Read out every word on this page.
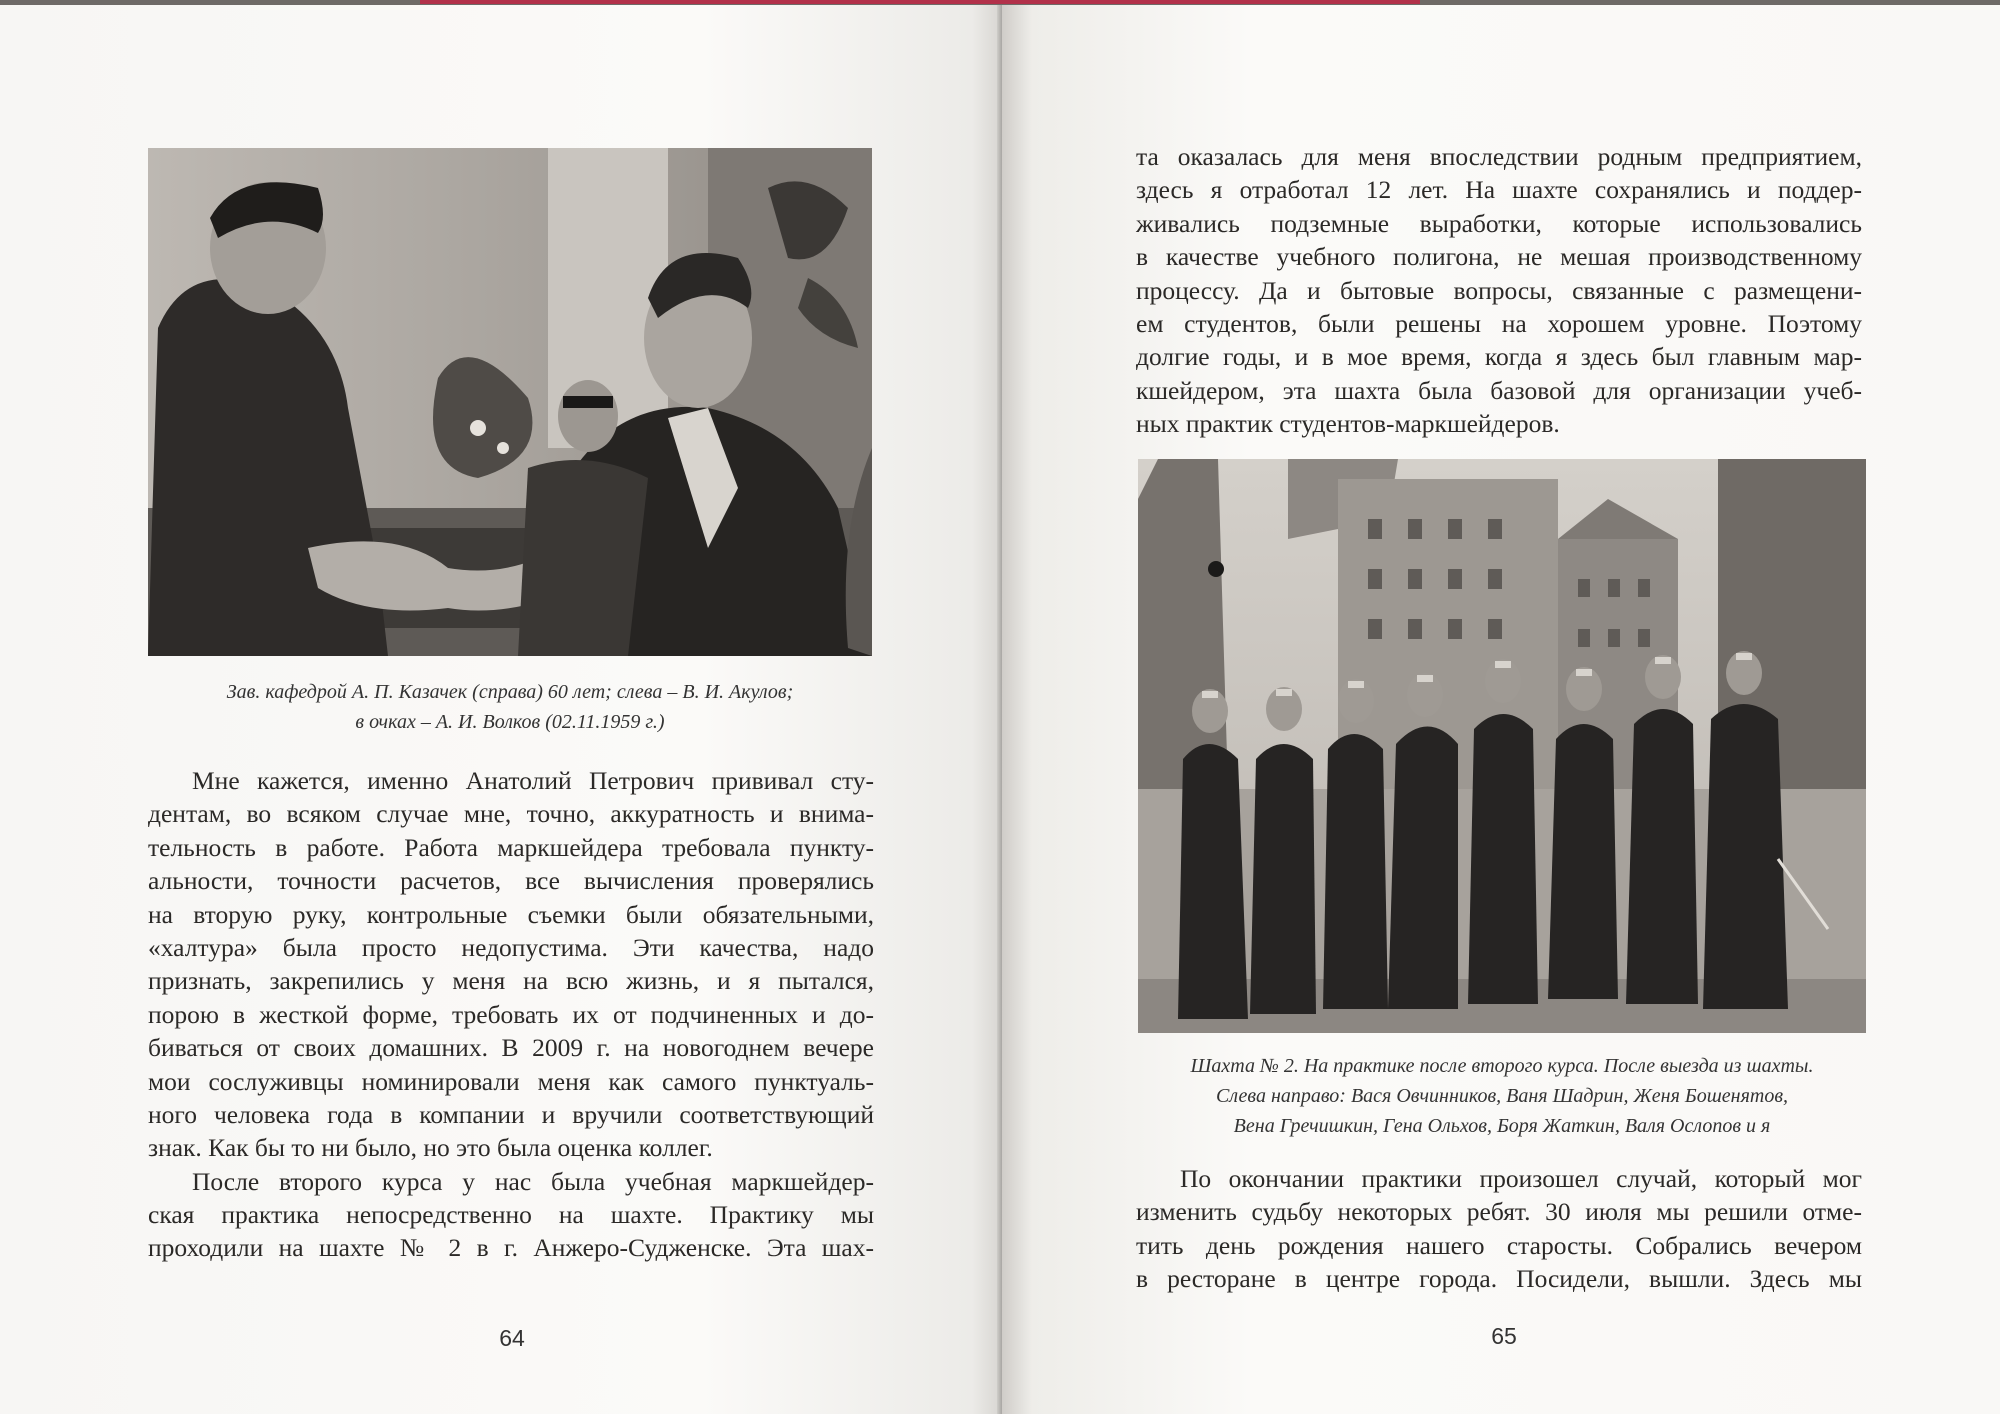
Зав. кафедрой А. П. Казачек (справа) 60 лет; слева – В. И. Акулов;
в очках – А. И. Волков (02.11.1959 г.)
Мне кажется, именно Анатолий Петрович прививал сту-
дентам, во всяком случае мне, точно, аккуратность и внима-
тельность в работе. Работа маркшейдера требовала пункту-
альности, точности расчетов, все вычисления проверялись
на вторую руку, контрольные съемки были обязательными,
«халтура» была просто недопустима. Эти качества, надо
признать, закрепились у меня на всю жизнь, и я пытался,
порою в жесткой форме, требовать их от подчиненных и до-
биваться от своих домашних. В 2009 г. на новогоднем вечере
мои сослуживцы номинировали меня как самого пунктуаль-
ного человека года в компании и вручили соответствующий
знак. Как бы то ни было, но это была оценка коллег.
После второго курса у нас была учебная маркшейдер-
ская практика непосредственно на шахте. Практику мы
проходили на шахте № 2 в г. Анжеро-Судженске. Эта шах-
64
та оказалась для меня впоследствии родным предприятием,
здесь я отработал 12 лет. На шахте сохранялись и поддер-
живались подземные выработки, которые использовались
в качестве учебного полигона, не мешая производственному
процессу. Да и бытовые вопросы, связанные с размещени-
ем студентов, были решены на хорошем уровне. Поэтому
долгие годы, и в мое время, когда я здесь был главным мар-
кшейдером, эта шахта была базовой для организации учеб-
ных практик студентов-маркшейдеров.
Шахта № 2. На практике после второго курса. После выезда из шахты.
Слева направо: Вася Овчинников, Ваня Шадрин, Женя Бошенятов,
Вена Гречишкин, Гена Ольхов, Боря Жаткин, Валя Ослопов и я
По окончании практики произошел случай, который мог
изменить судьбу некоторых ребят. 30 июля мы решили отме-
тить день рождения нашего старосты. Собрались вечером
в ресторане в центре города. Посидели, вышли. Здесь мы
65
